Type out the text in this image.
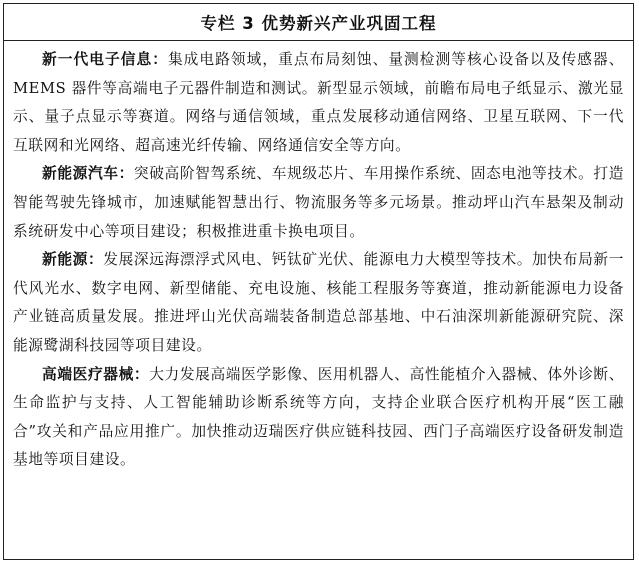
专栏 3 优势新兴产业巩固工程

新一代电子信息：集成电路领域，重点布局刻蚀、量测检测等核心设备以及传感器、MEMS 器件等高端电子元器件制造和测试。新型显示领域，前瞻布局电子纸显示、激光显示、量子点显示等赛道。网络与通信领域，重点发展移动通信网络、卫星互联网、下一代互联网和光网络、超高速光纤传输、网络通信安全等方向。

新能源汽车：突破高阶智驾系统、车规级芯片、车用操作系统、固态电池等技术。打造智能驾驶先锋城市，加速赋能智慧出行、物流服务等多元场景。推动坪山汽车悬架及制动系统研发中心等项目建设；积极推进重卡换电项目。

新能源：发展深远海漂浮式风电、钙钛矿光伏、能源电力大模型等技术。加快布局新一代风光水、数字电网、新型储能、充电设施、核能工程服务等赛道，推动新能源电力设备产业链高质量发展。推进坪山光伏高端装备制造总部基地、中石油深圳新能源研究院、深能源鹭湖科技园等项目建设。

高端医疗器械：大力发展高端医学影像、医用机器人、高性能植介入器械、体外诊断、生命监护与支持、人工智能辅助诊断系统等方向，支持企业联合医疗机构开展“医工融合”攻关和产品应用推广。加快推动迈瑞医疗供应链科技园、西门子高端医疗设备研发制造基地等项目建设。
